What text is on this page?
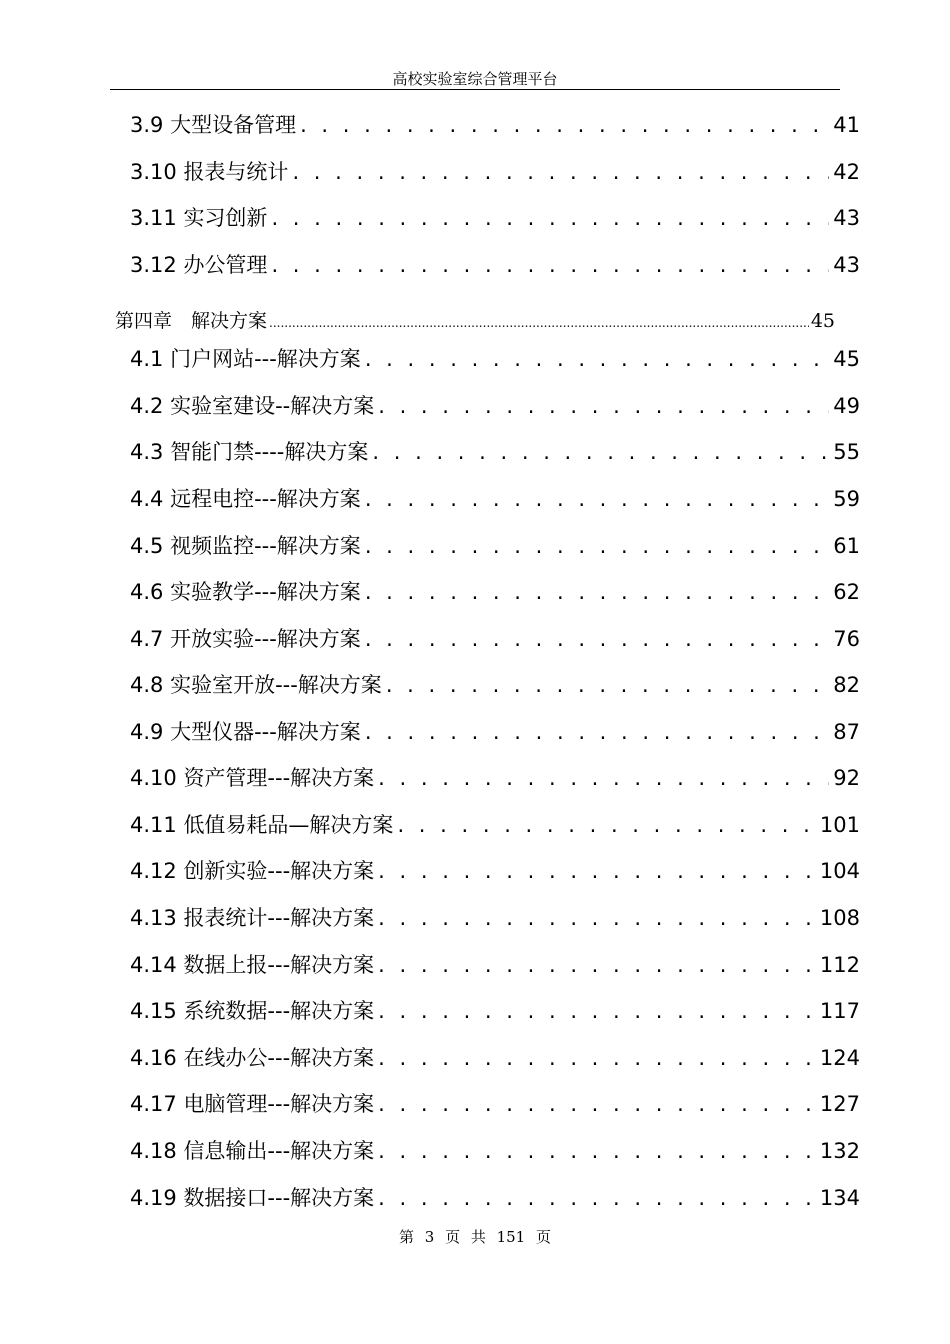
高校实验室综合管理平台
3.9 大型设备管理 . . .	41
3.10 报表与统计 . . .	42
3.11 实习创新 . . .	43
3.12 办公管理 . . .	43
第四章　解决方案 .....	45
4.1 门户网站---解决方案 . . .	45
4.2 实验室建设--解决方案 . . .	49
4.3 智能门禁----解决方案 . . .	55
4.4 远程电控---解决方案 . . .	59
4.5 视频监控---解决方案 . . .	61
4.6 实验教学---解决方案 . . .	62
4.7 开放实验---解决方案 . . .	76
4.8 实验室开放---解决方案 . . .	82
4.9 大型仪器---解决方案 . . .	87
4.10 资产管理---解决方案 . . .	92
4.11 低值易耗品—解决方案 . . .	101
4.12 创新实验---解决方案 . . .	104
4.13 报表统计---解决方案 . . .	108
4.14 数据上报---解决方案 . . .	112
4.15 系统数据---解决方案 . . .	117
4.16 在线办公---解决方案 . . .	124
4.17 电脑管理---解决方案 . . .	127
4.18 信息输出---解决方案 . . .	132
4.19 数据接口---解决方案 . . .	134
第 3 页 共 151 页
